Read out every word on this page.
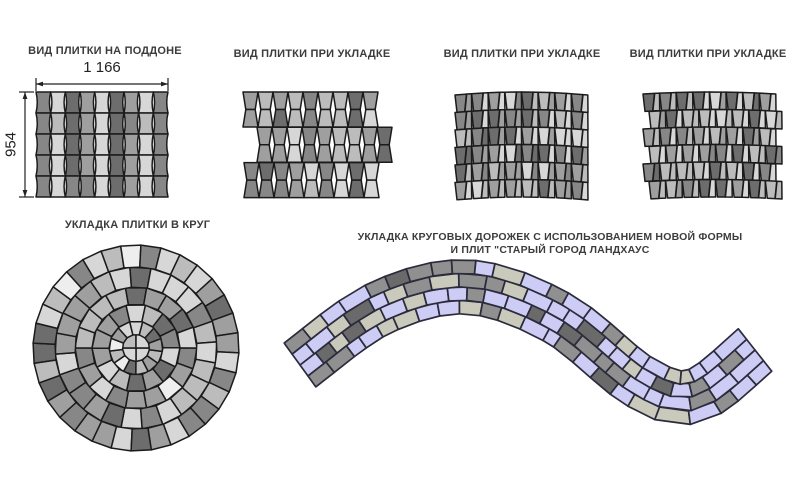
ВИД ПЛИТКИ НА ПОДДОНЕ	ВИД ПЛИТКИ ПРИ УКЛАДКЕ	ВИД ПЛИТКИ ПРИ УКЛАДКЕ	ВИД ПЛИТКИ ПРИ УКЛАДКЕ
УКЛАДКА ПЛИТКИ В КРУГ
УКЛАДКА КРУГОВЫХ ДОРОЖЕК С ИСПОЛЬЗОВАНИЕМ НОВОЙ ФОРМЫ
И ПЛИТ "СТАРЫЙ ГОРОД ЛАНДХАУС
1 166
954
